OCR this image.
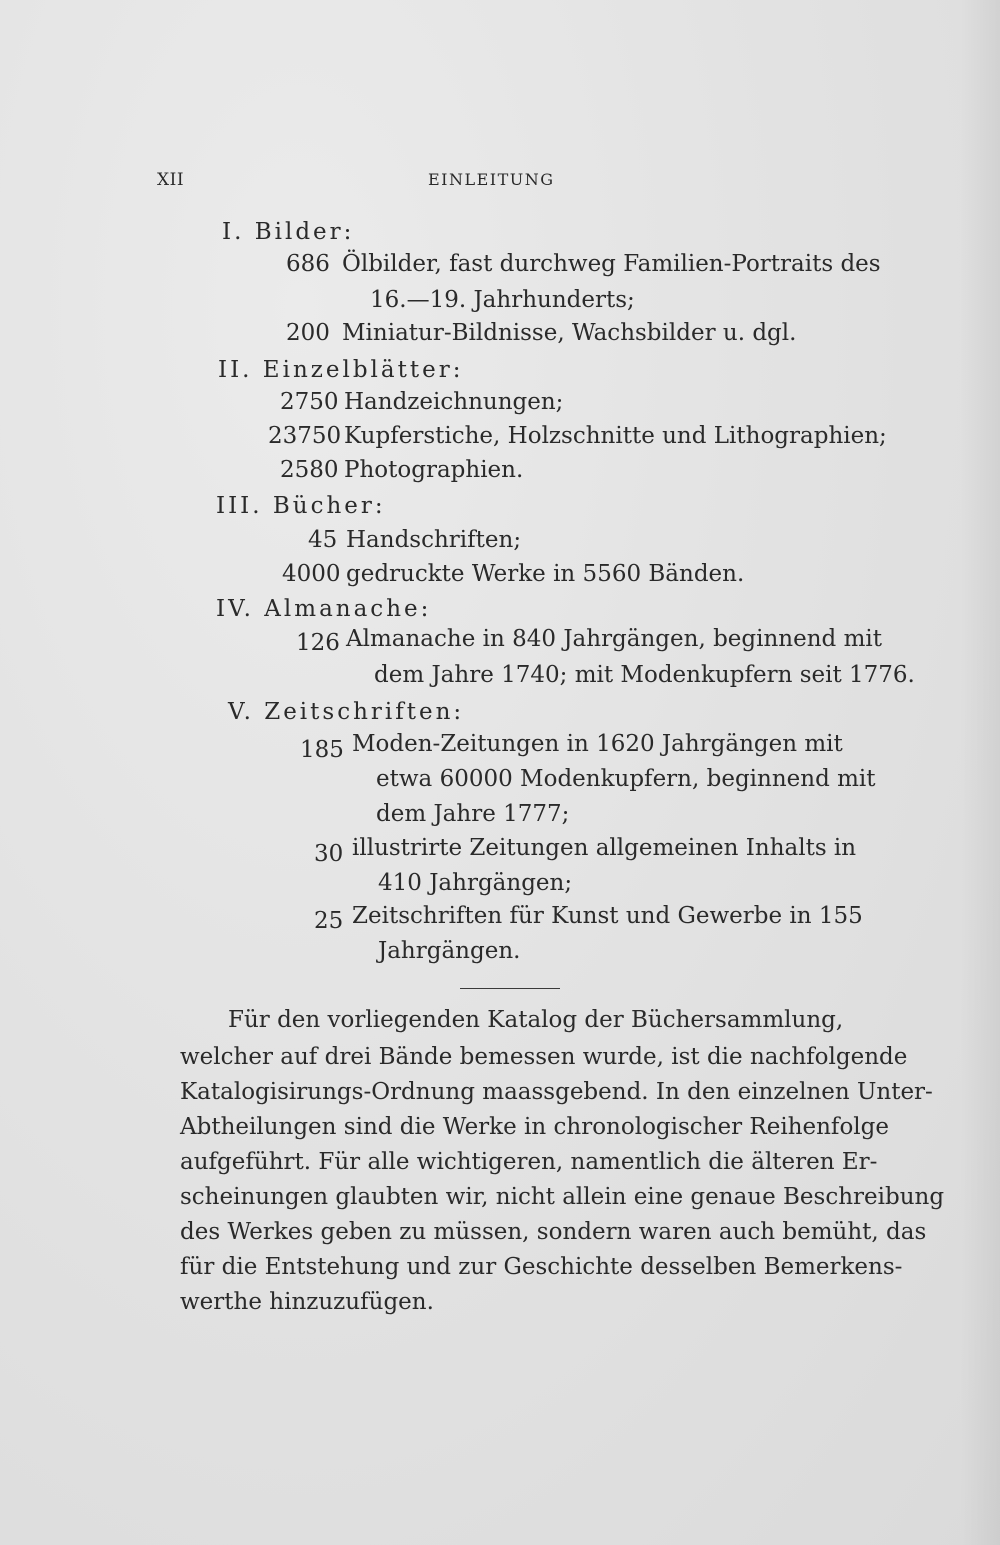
XII	EINLEITUNG
I. Bilder:
686 Ölbilder, fast durchweg Familien-Portraits des
16.—19. Jahrhunderts;
200 Miniatur-Bildnisse, Wachsbilder u. dgl.
II. Einzelblätter:
2750 Handzeichnungen;
23750 Kupferstiche, Holzschnitte und Lithographien;
2580 Photographien.
III. Bücher:
45 Handschriften;
4000 gedruckte Werke in 5560 Bänden.
IV. Almanache:
126 Almanache in 840 Jahrgängen, beginnend mit
dem Jahre 1740; mit Modenkupfern seit 1776.
V. Zeitschriften:
185 Moden-Zeitungen in 1620 Jahrgängen mit
etwa 60000 Modenkupfern, beginnend mit
dem Jahre 1777;
30 illustrirte Zeitungen allgemeinen Inhalts in
410 Jahrgängen;
25 Zeitschriften für Kunst und Gewerbe in 155
Jahrgängen.
Für den vorliegenden Katalog der Büchersammlung,
welcher auf drei Bände bemessen wurde, ist die nachfolgende
Katalogisirungs-Ordnung maassgebend. In den einzelnen Unter-
Abtheilungen sind die Werke in chronologischer Reihenfolge
aufgeführt. Für alle wichtigeren, namentlich die älteren Er-
scheinungen glaubten wir, nicht allein eine genaue Beschreibung
des Werkes geben zu müssen, sondern waren auch bemüht, das
für die Entstehung und zur Geschichte desselben Bemerkens-
werthe hinzuzufügen.
